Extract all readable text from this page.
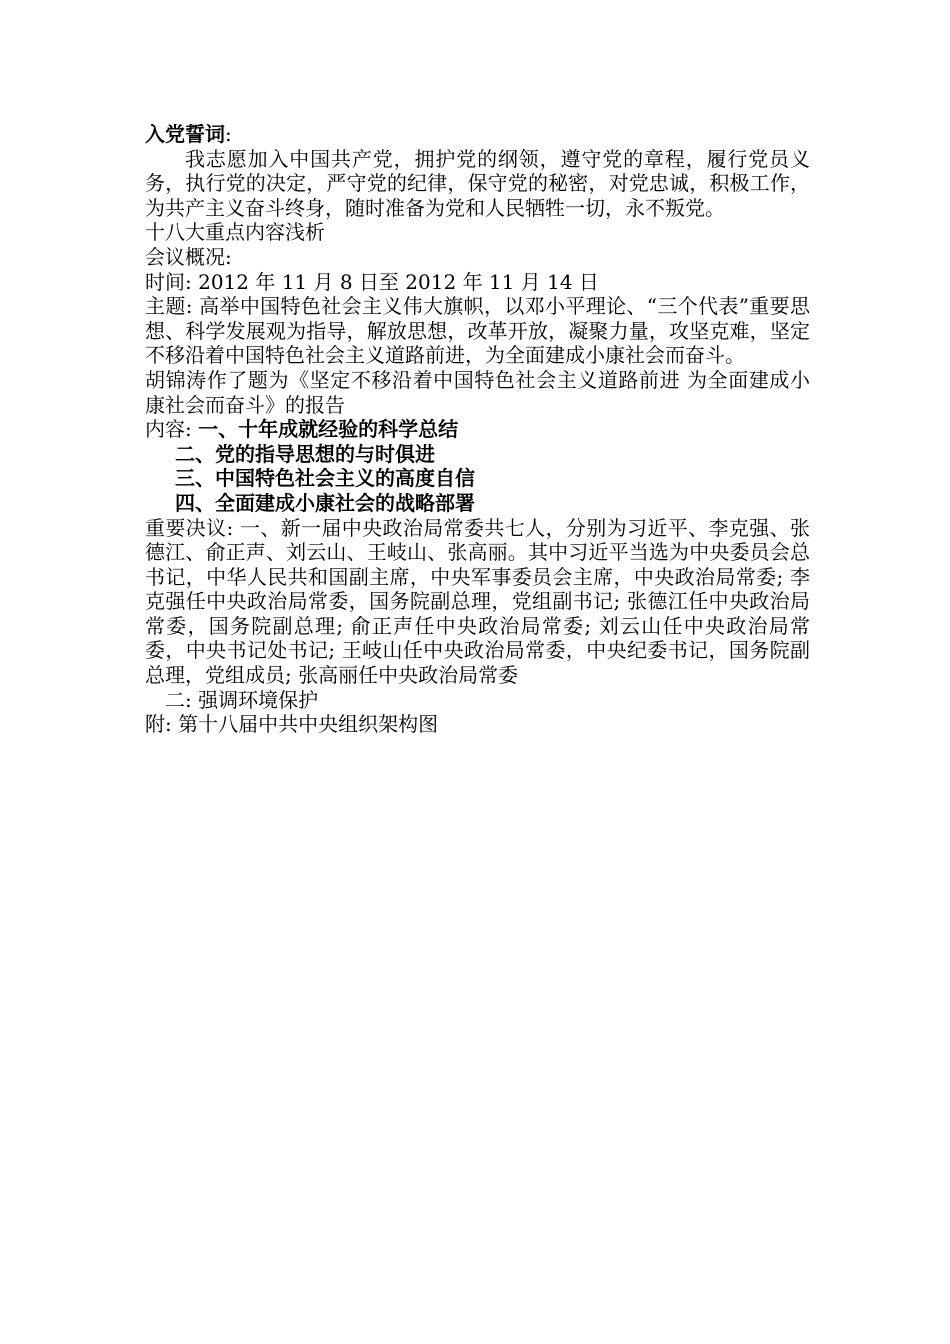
入党誓词:

我志愿加入中国共产党，拥护党的纲领，遵守党的章程，履行党员义务，执行党的决定，严守党的纪律，保守党的秘密，对党忠诚，积极工作，为共产主义奋斗终身，随时准备为党和人民牺牲一切，永不叛党。

十八大重点内容浅析

会议概况:

时间: 2012 年 11 月 8 日至 2012 年 11 月 14 日

主题: 高举中国特色社会主义伟大旗帜，以邓小平理论、“三个代表”重要思想、科学发展观为指导，解放思想，改革开放，凝聚力量，攻坚克难，坚定不移沿着中国特色社会主义道路前进，为全面建成小康社会而奋斗。

胡锦涛作了题为《坚定不移沿着中国特色社会主义道路前进 为全面建成小康社会而奋斗》的报告

内容: 一、十年成就经验的科学总结

二、党的指导思想的与时俱进

三、中国特色社会主义的高度自信

四、全面建成小康社会的战略部署

重要决议: 一、新一届中央政治局常委共七人，分别为习近平、李克强、张德江、俞正声、刘云山、王岐山、张高丽。其中习近平当选为中央委员会总书记，中华人民共和国副主席，中央军事委员会主席，中央政治局常委; 李克强任中央政治局常委，国务院副总理，党组副书记; 张德江任中央政治局常委，国务院副总理; 俞正声任中央政治局常委; 刘云山任中央政治局常委，中央书记处书记; 王岐山任中央政治局常委，中央纪委书记，国务院副总理，党组成员; 张高丽任中央政治局常委

二: 强调环境保护

附: 第十八届中共中央组织架构图
